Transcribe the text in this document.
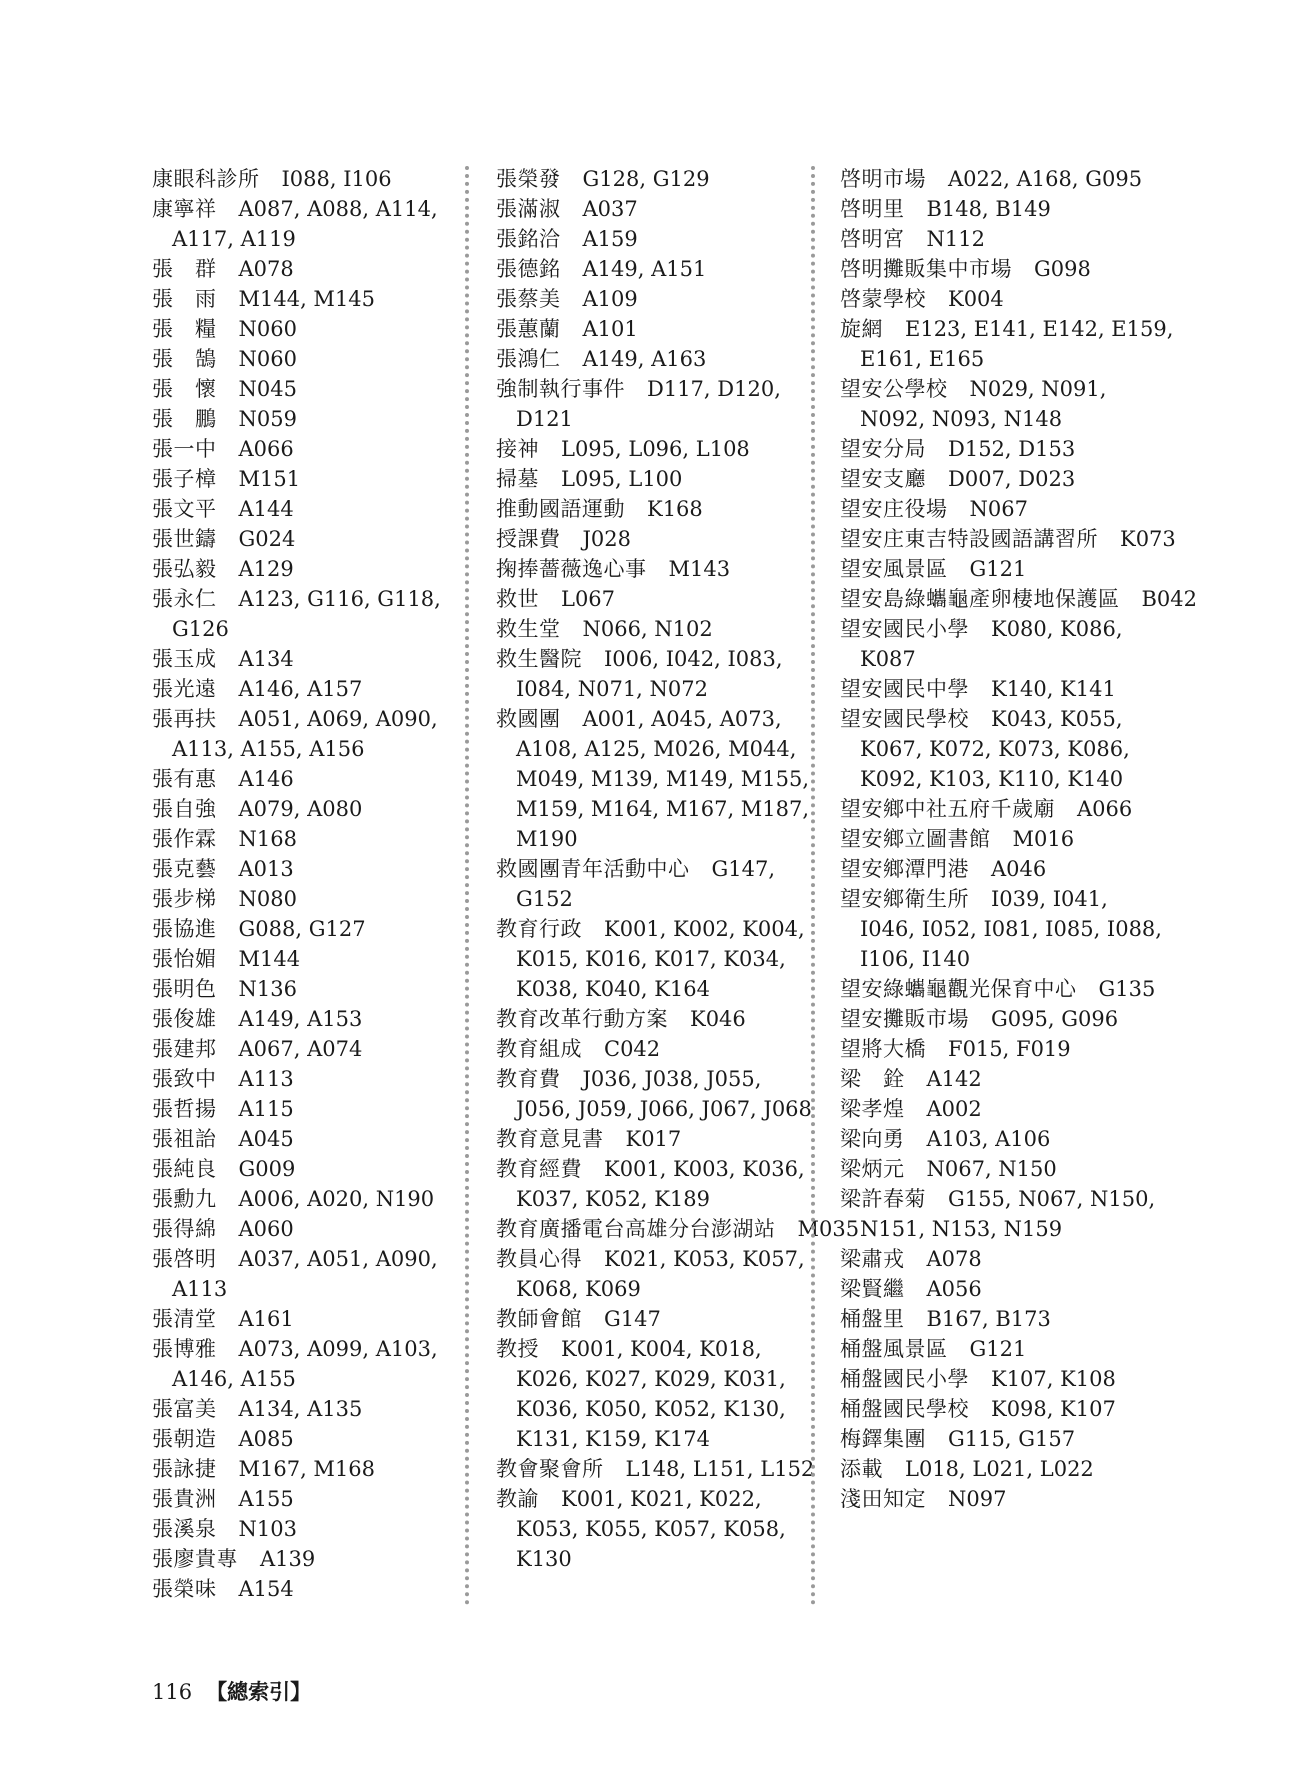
康眼科診所 I088, I106
康寧祥 A087, A088, A114,
A117, A119
張　群 A078
張　雨 M144, M145
張　糧 N060
張　鵠 N060
張　懷 N045
張　鵬 N059
張一中 A066
張子樟 M151
張文平 A144
張世鑄 G024
張弘毅 A129
張永仁 A123, G116, G118,
G126
張玉成 A134
張光遠 A146, A157
張再扶 A051, A069, A090,
A113, A155, A156
張有惠 A146
張自強 A079, A080
張作霖 N168
張克藝 A013
張步梯 N080
張協進 G088, G127
張怡媚 M144
張明色 N136
張俊雄 A149, A153
張建邦 A067, A074
張致中 A113
張哲揚 A115
張祖詒 A045
張純良 G009
張勳九 A006, A020, N190
張得綿 A060
張啓明 A037, A051, A090,
A113
張清堂 A161
張博雅 A073, A099, A103,
A146, A155
張富美 A134, A135
張朝造 A085
張詠捷 M167, M168
張貴洲 A155
張溪泉 N103
張廖貴專 A139
張榮味 A154
張榮發 G128, G129
張滿淑 A037
張銘洽 A159
張德銘 A149, A151
張蔡美 A109
張蕙蘭 A101
張鴻仁 A149, A163
強制執行事件 D117, D120,
D121
接神 L095, L096, L108
掃墓 L095, L100
推動國語運動 K168
授課費 J028
掬捧薔薇逸心事 M143
救世 L067
救生堂 N066, N102
救生醫院 I006, I042, I083,
I084, N071, N072
救國團 A001, A045, A073,
A108, A125, M026, M044,
M049, M139, M149, M155,
M159, M164, M167, M187,
M190
救國團青年活動中心 G147,
G152
教育行政 K001, K002, K004,
K015, K016, K017, K034,
K038, K040, K164
教育改革行動方案 K046
教育組成 C042
教育費 J036, J038, J055,
J056, J059, J066, J067, J068
教育意見書 K017
教育經費 K001, K003, K036,
K037, K052, K189
教育廣播電台高雄分台澎湖站 M035
教員心得 K021, K053, K057,
K068, K069
教師會館 G147
教授 K001, K004, K018,
K026, K027, K029, K031,
K036, K050, K052, K130,
K131, K159, K174
教會聚會所 L148, L151, L152
教諭 K001, K021, K022,
K053, K055, K057, K058,
K130
啓明市場 A022, A168, G095
啓明里 B148, B149
啓明宮 N112
啓明攤販集中市場 G098
啓蒙學校 K004
旋網 E123, E141, E142, E159,
E161, E165
望安公學校 N029, N091,
N092, N093, N148
望安分局 D152, D153
望安支廳 D007, D023
望安庄役場 N067
望安庄東吉特設國語講習所 K073
望安風景區 G121
望安島綠蠵龜產卵棲地保護區 B042
望安國民小學 K080, K086,
K087
望安國民中學 K140, K141
望安國民學校 K043, K055,
K067, K072, K073, K086,
K092, K103, K110, K140
望安鄉中社五府千歲廟 A066
望安鄉立圖書館 M016
望安鄉潭門港 A046
望安鄉衛生所 I039, I041,
I046, I052, I081, I085, I088,
I106, I140
望安綠蠵龜觀光保育中心 G135
望安攤販市場 G095, G096
望將大橋 F015, F019
梁　銓 A142
梁孝煌 A002
梁向勇 A103, A106
梁炳元 N067, N150
梁許春菊 G155, N067, N150,
N151, N153, N159
梁肅戎 A078
梁賢繼 A056
桶盤里 B167, B173
桶盤風景區 G121
桶盤國民小學 K107, K108
桶盤國民學校 K098, K107
梅鐸集團 G115, G157
添載 L018, L021, L022
淺田知定 N097
116 【總索引】
